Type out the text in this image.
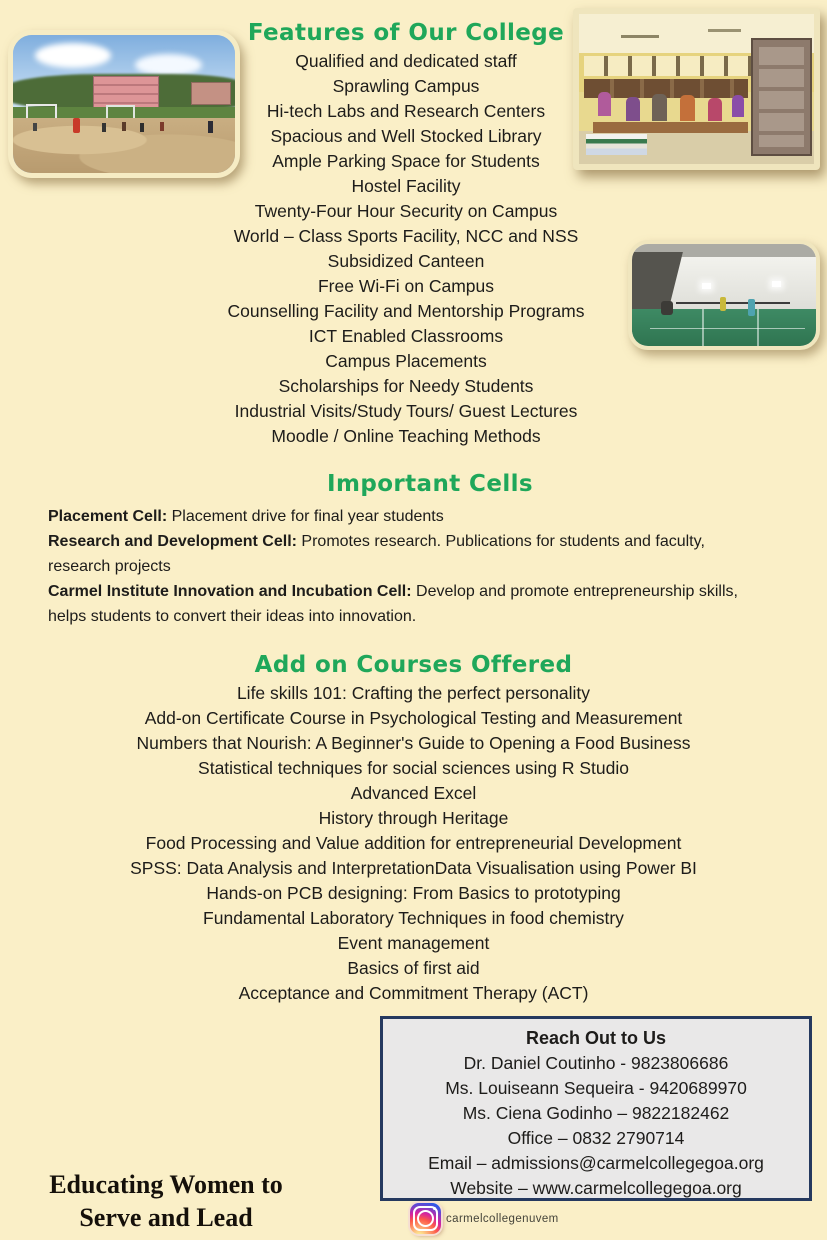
Features of Our College
Qualified and dedicated staff
Sprawling Campus
Hi-tech Labs and Research Centers
Spacious and Well Stocked Library
Ample Parking Space for Students
Hostel Facility
Twenty-Four Hour Security on Campus
World – Class Sports Facility, NCC and NSS
Subsidized Canteen
Free Wi-Fi on Campus
Counselling Facility and Mentorship Programs
ICT Enabled Classrooms
Campus Placements
Scholarships for Needy Students
Industrial Visits/Study Tours/ Guest Lectures
Moodle / Online Teaching Methods
Important Cells

Placement Cell: Placement drive for final year students

Research and Development Cell: Promotes research. Publications for students and faculty, research projects

Carmel Institute Innovation and Incubation Cell: Develop and promote entrepreneurship skills, helps students to convert their ideas into innovation.

Add on Courses Offered
Life skills 101: Crafting the perfect personality
Add-on Certificate Course in Psychological Testing and Measurement
Numbers that Nourish: A Beginner's Guide to Opening a Food Business
Statistical techniques for social sciences using R Studio
Advanced Excel
History through Heritage
Food Processing and Value addition for entrepreneurial Development
SPSS: Data Analysis and InterpretationData Visualisation using Power BI
Hands-on PCB designing: From Basics to prototyping
Fundamental Laboratory Techniques in food chemistry
Event management
Basics of first aid
Acceptance and Commitment Therapy (ACT)
Reach Out to Us
Dr. Daniel Coutinho - 9823806686
Ms. Louiseann Sequeira - 9420689970
Ms. Ciena Godinho – 9822182462
Office – 0832 2790714
Email – admissions@carmelcollegegoa.org
Website – www.carmelcollegegoa.org
Educating Women to
Serve and Lead	carmelcollegenuvem
